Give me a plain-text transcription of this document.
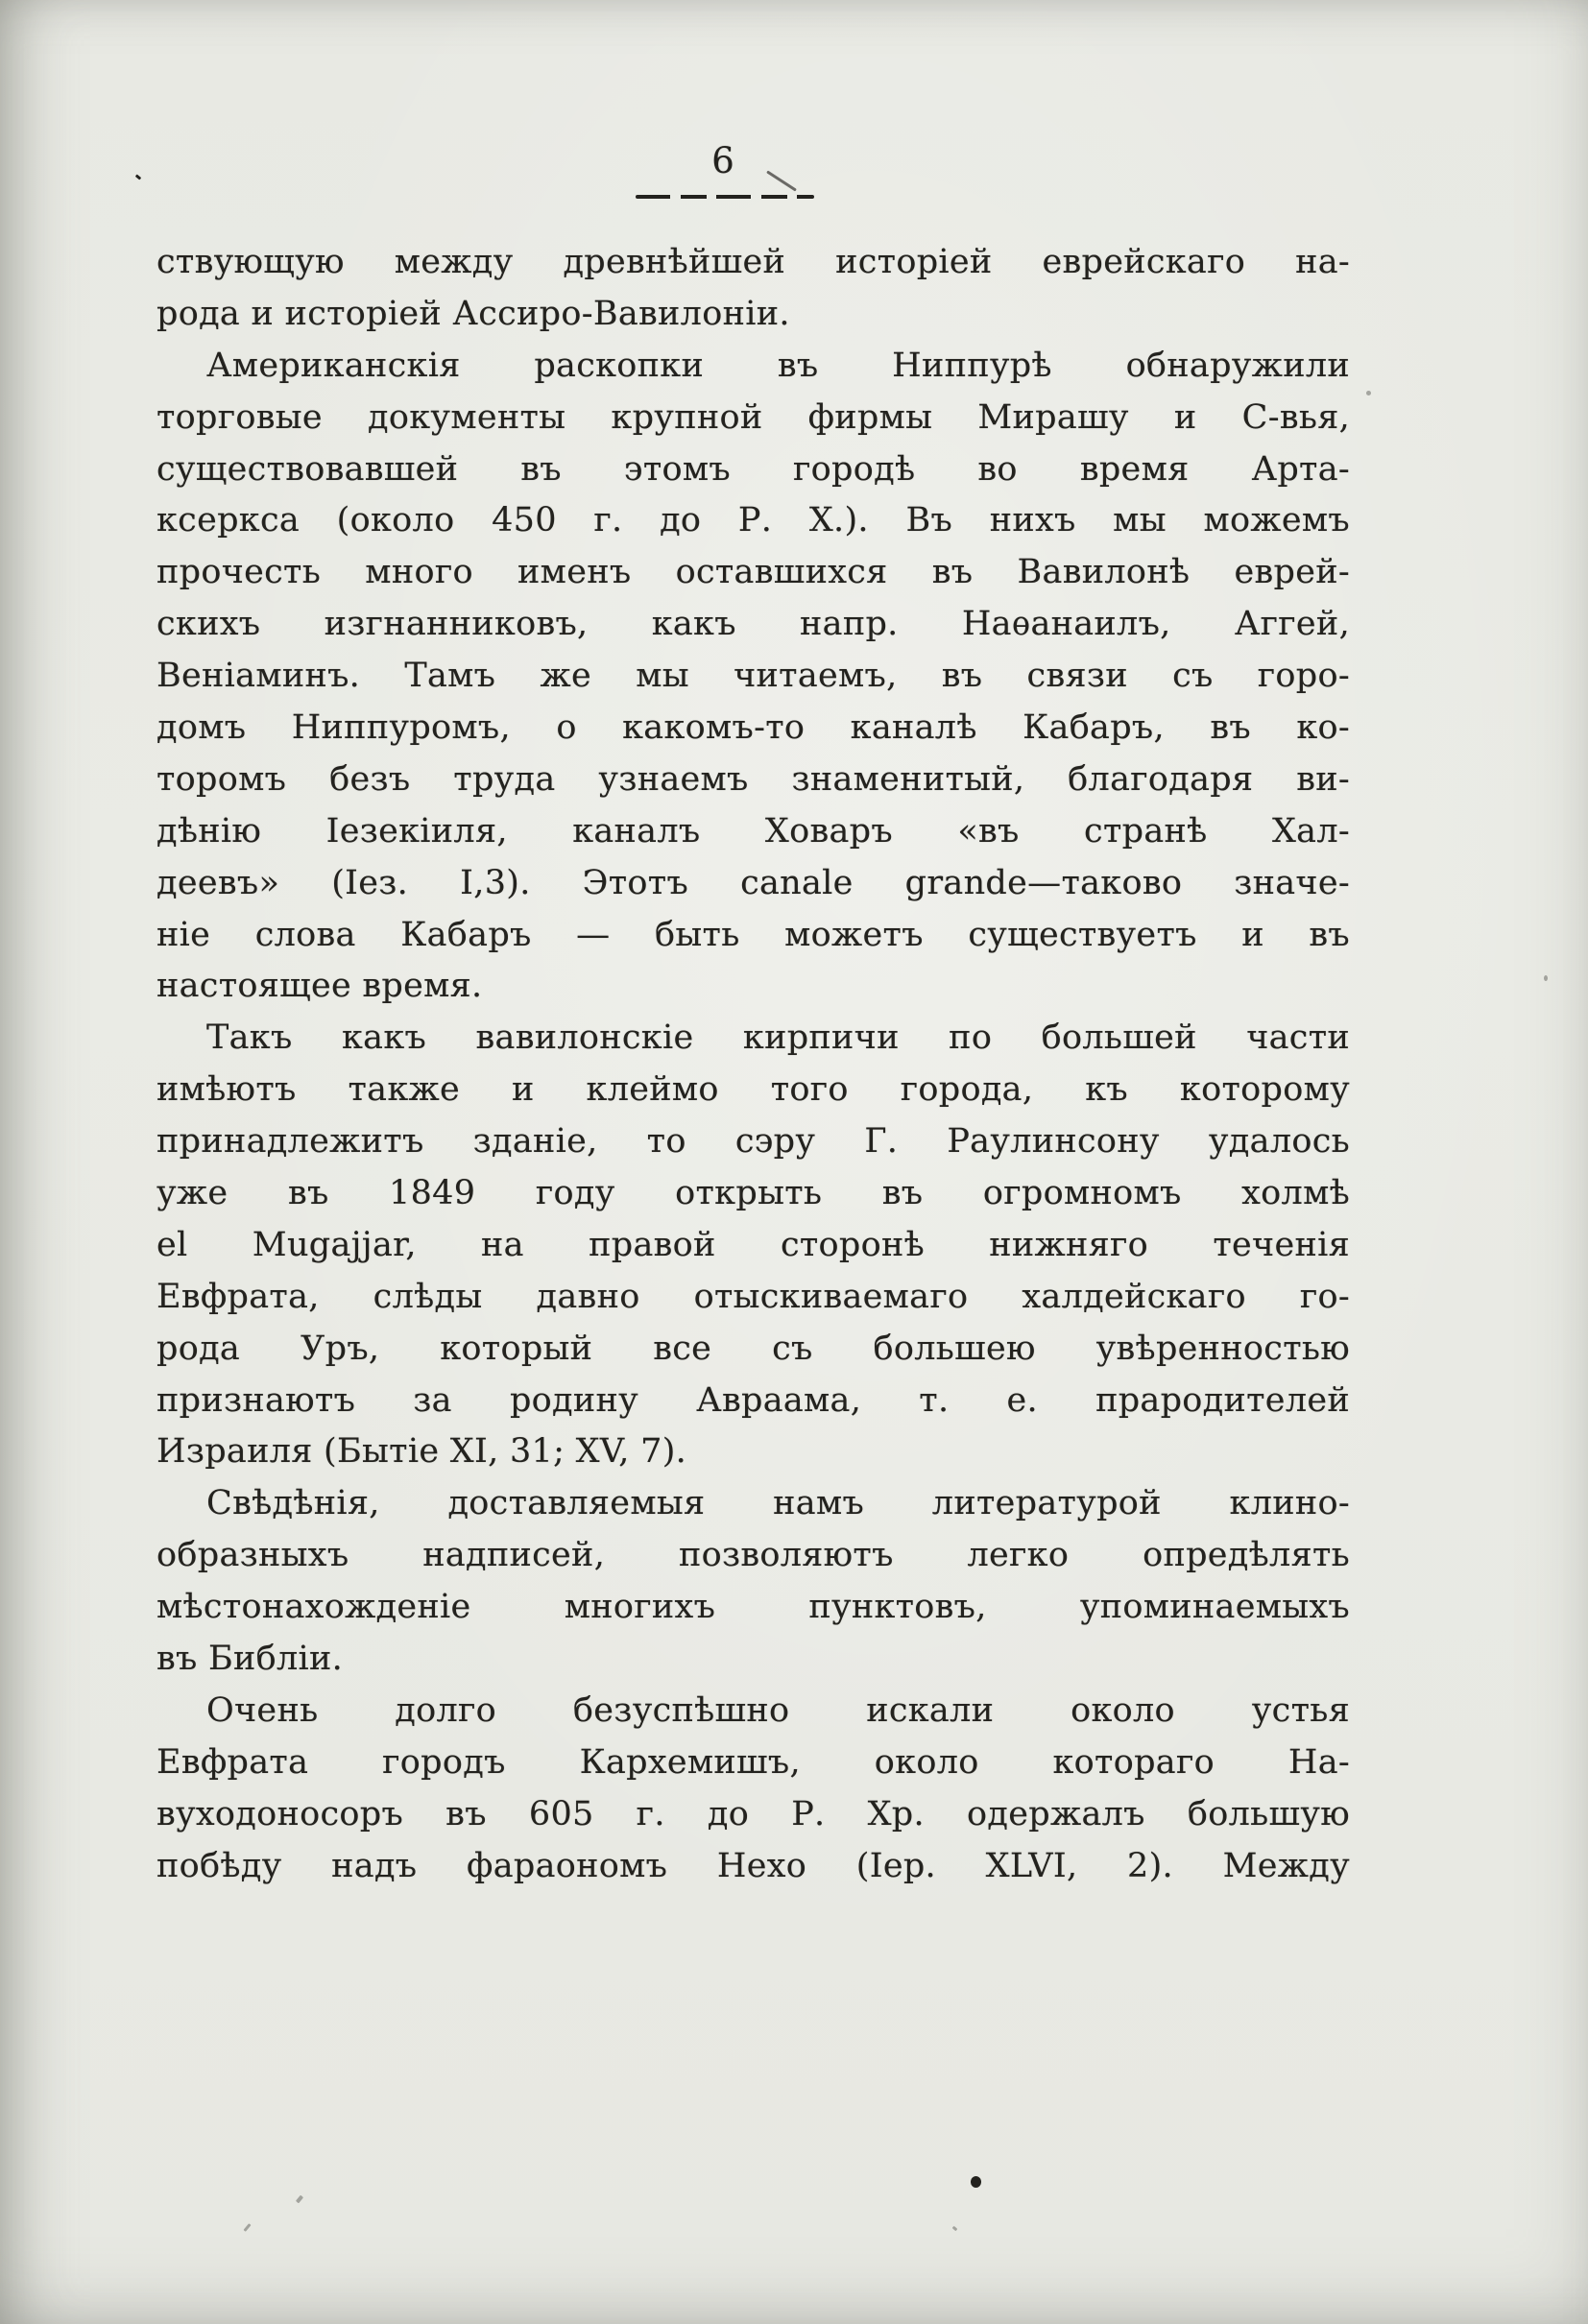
6
ствующую между древнѣйшей исторіей еврейскаго на-
рода и исторіей Ассиро-Вавилоніи.
Американскія раскопки въ Ниппурѣ обнаружили
торговые документы крупной фирмы Мирашу и С-вья,
существовавшей въ этомъ городѣ во время Арта-
ксеркса (около 450 г. до Р. Х.). Въ нихъ мы можемъ
прочесть много именъ оставшихся въ Вавилонѣ еврей-
скихъ изгнанниковъ, какъ напр. Наѳанаилъ, Аггей,
Веніаминъ. Тамъ же мы читаемъ, въ связи съ горо-
домъ Ниппуромъ, о какомъ-то каналѣ Кабаръ, въ ко-
торомъ безъ труда узнаемъ знаменитый, благодаря ви-
дѣнію Іезекіиля, каналъ Ховаръ «въ странѣ Хал-
деевъ» (Іез. I,3). Этотъ canale grande—таково значе-
ніе слова Кабаръ — быть можетъ существуетъ и въ
настоящее время.
Такъ какъ вавилонскіе кирпичи по большей части
имѣютъ также и клеймо того города, къ которому
принадлежитъ зданіе, то сэру Г. Раулинсону удалось
уже въ 1849 году открыть въ огромномъ холмѣ
el Mugajjar, на правой сторонѣ нижняго теченія
Евфрата, слѣды давно отыскиваемаго халдейскаго го-
рода Уръ, который все съ большею увѣренностью
признаютъ за родину Авраама, т. е. прародителей
Израиля (Бытіе XI, 31; XV, 7).
Свѣдѣнія, доставляемыя намъ литературой клино-
образныхъ надписей, позволяютъ легко опредѣлять
мѣстонахожденіе многихъ пунктовъ, упоминаемыхъ
въ Библіи.
Очень долго безуспѣшно искали около устья
Евфрата городъ Кархемишъ, около котораго На-
вуходоносоръ въ 605 г. до Р. Хр. одержалъ большую
побѣду надъ фараономъ Нехо (Іер. XLVI, 2). Между
